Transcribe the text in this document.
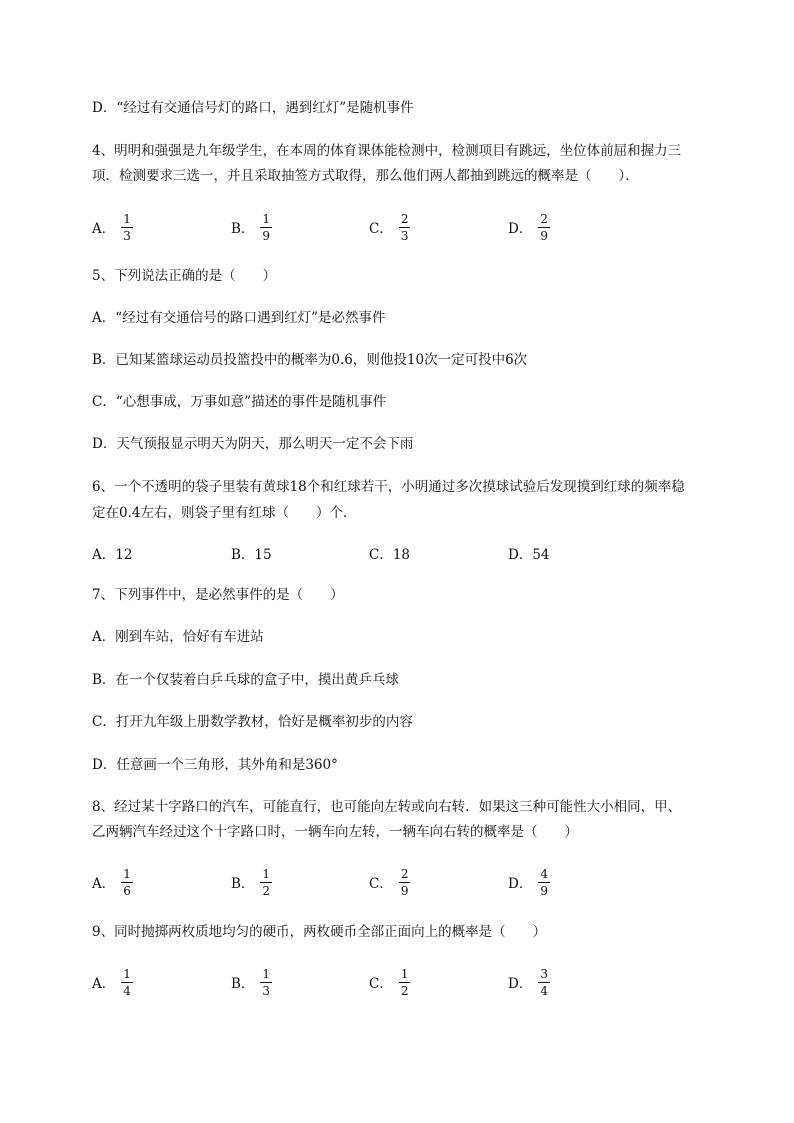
D．“经过有交通信号灯的路口，遇到红灯”是随机事件
4、明明和强强是九年级学生，在本周的体育课体能检测中，检测项目有跳远，坐位体前屈和握力三
项．检测要求三选一，并且采取抽签方式取得，那么他们两人都抽到跳远的概率是（　　）．
A． $\frac{1}{3}$	B． $\frac{1}{9}$	C． $\frac{2}{3}$	D． $\frac{2}{9}$
5、下列说法正确的是（　　）
A．“经过有交通信号的路口遇到红灯”是必然事件
B．已知某篮球运动员投篮投中的概率为0.6，则他投10次一定可投中6次
C．“心想事成，万事如意”描述的事件是随机事件
D．天气预报显示明天为阴天，那么明天一定不会下雨
6、一个不透明的袋子里装有黄球18个和红球若干，小明通过多次摸球试验后发现摸到红球的频率稳
定在0.4左右，则袋子里有红球（　　）个．
A．12	B．15	C．18	D．54
7、下列事件中，是必然事件的是（　　）
A．刚到车站，恰好有车进站
B．在一个仅装着白乒乓球的盒子中，摸出黄乒乓球
C．打开九年级上册数学教材，恰好是概率初步的内容
D．任意画一个三角形，其外角和是360°
8、经过某十字路口的汽车，可能直行，也可能向左转或向右转．如果这三种可能性大小相同，甲、
乙两辆汽车经过这个十字路口时，一辆车向左转，一辆车向右转的概率是（　　）
A． $\frac{1}{6}$	B． $\frac{1}{2}$	C． $\frac{2}{9}$	D． $\frac{4}{9}$
9、同时抛掷两枚质地均匀的硬币，两枚硬币全部正面向上的概率是（　　）
A． $\frac{1}{4}$	B． $\frac{1}{3}$	C． $\frac{1}{2}$	D． $\frac{3}{4}$
